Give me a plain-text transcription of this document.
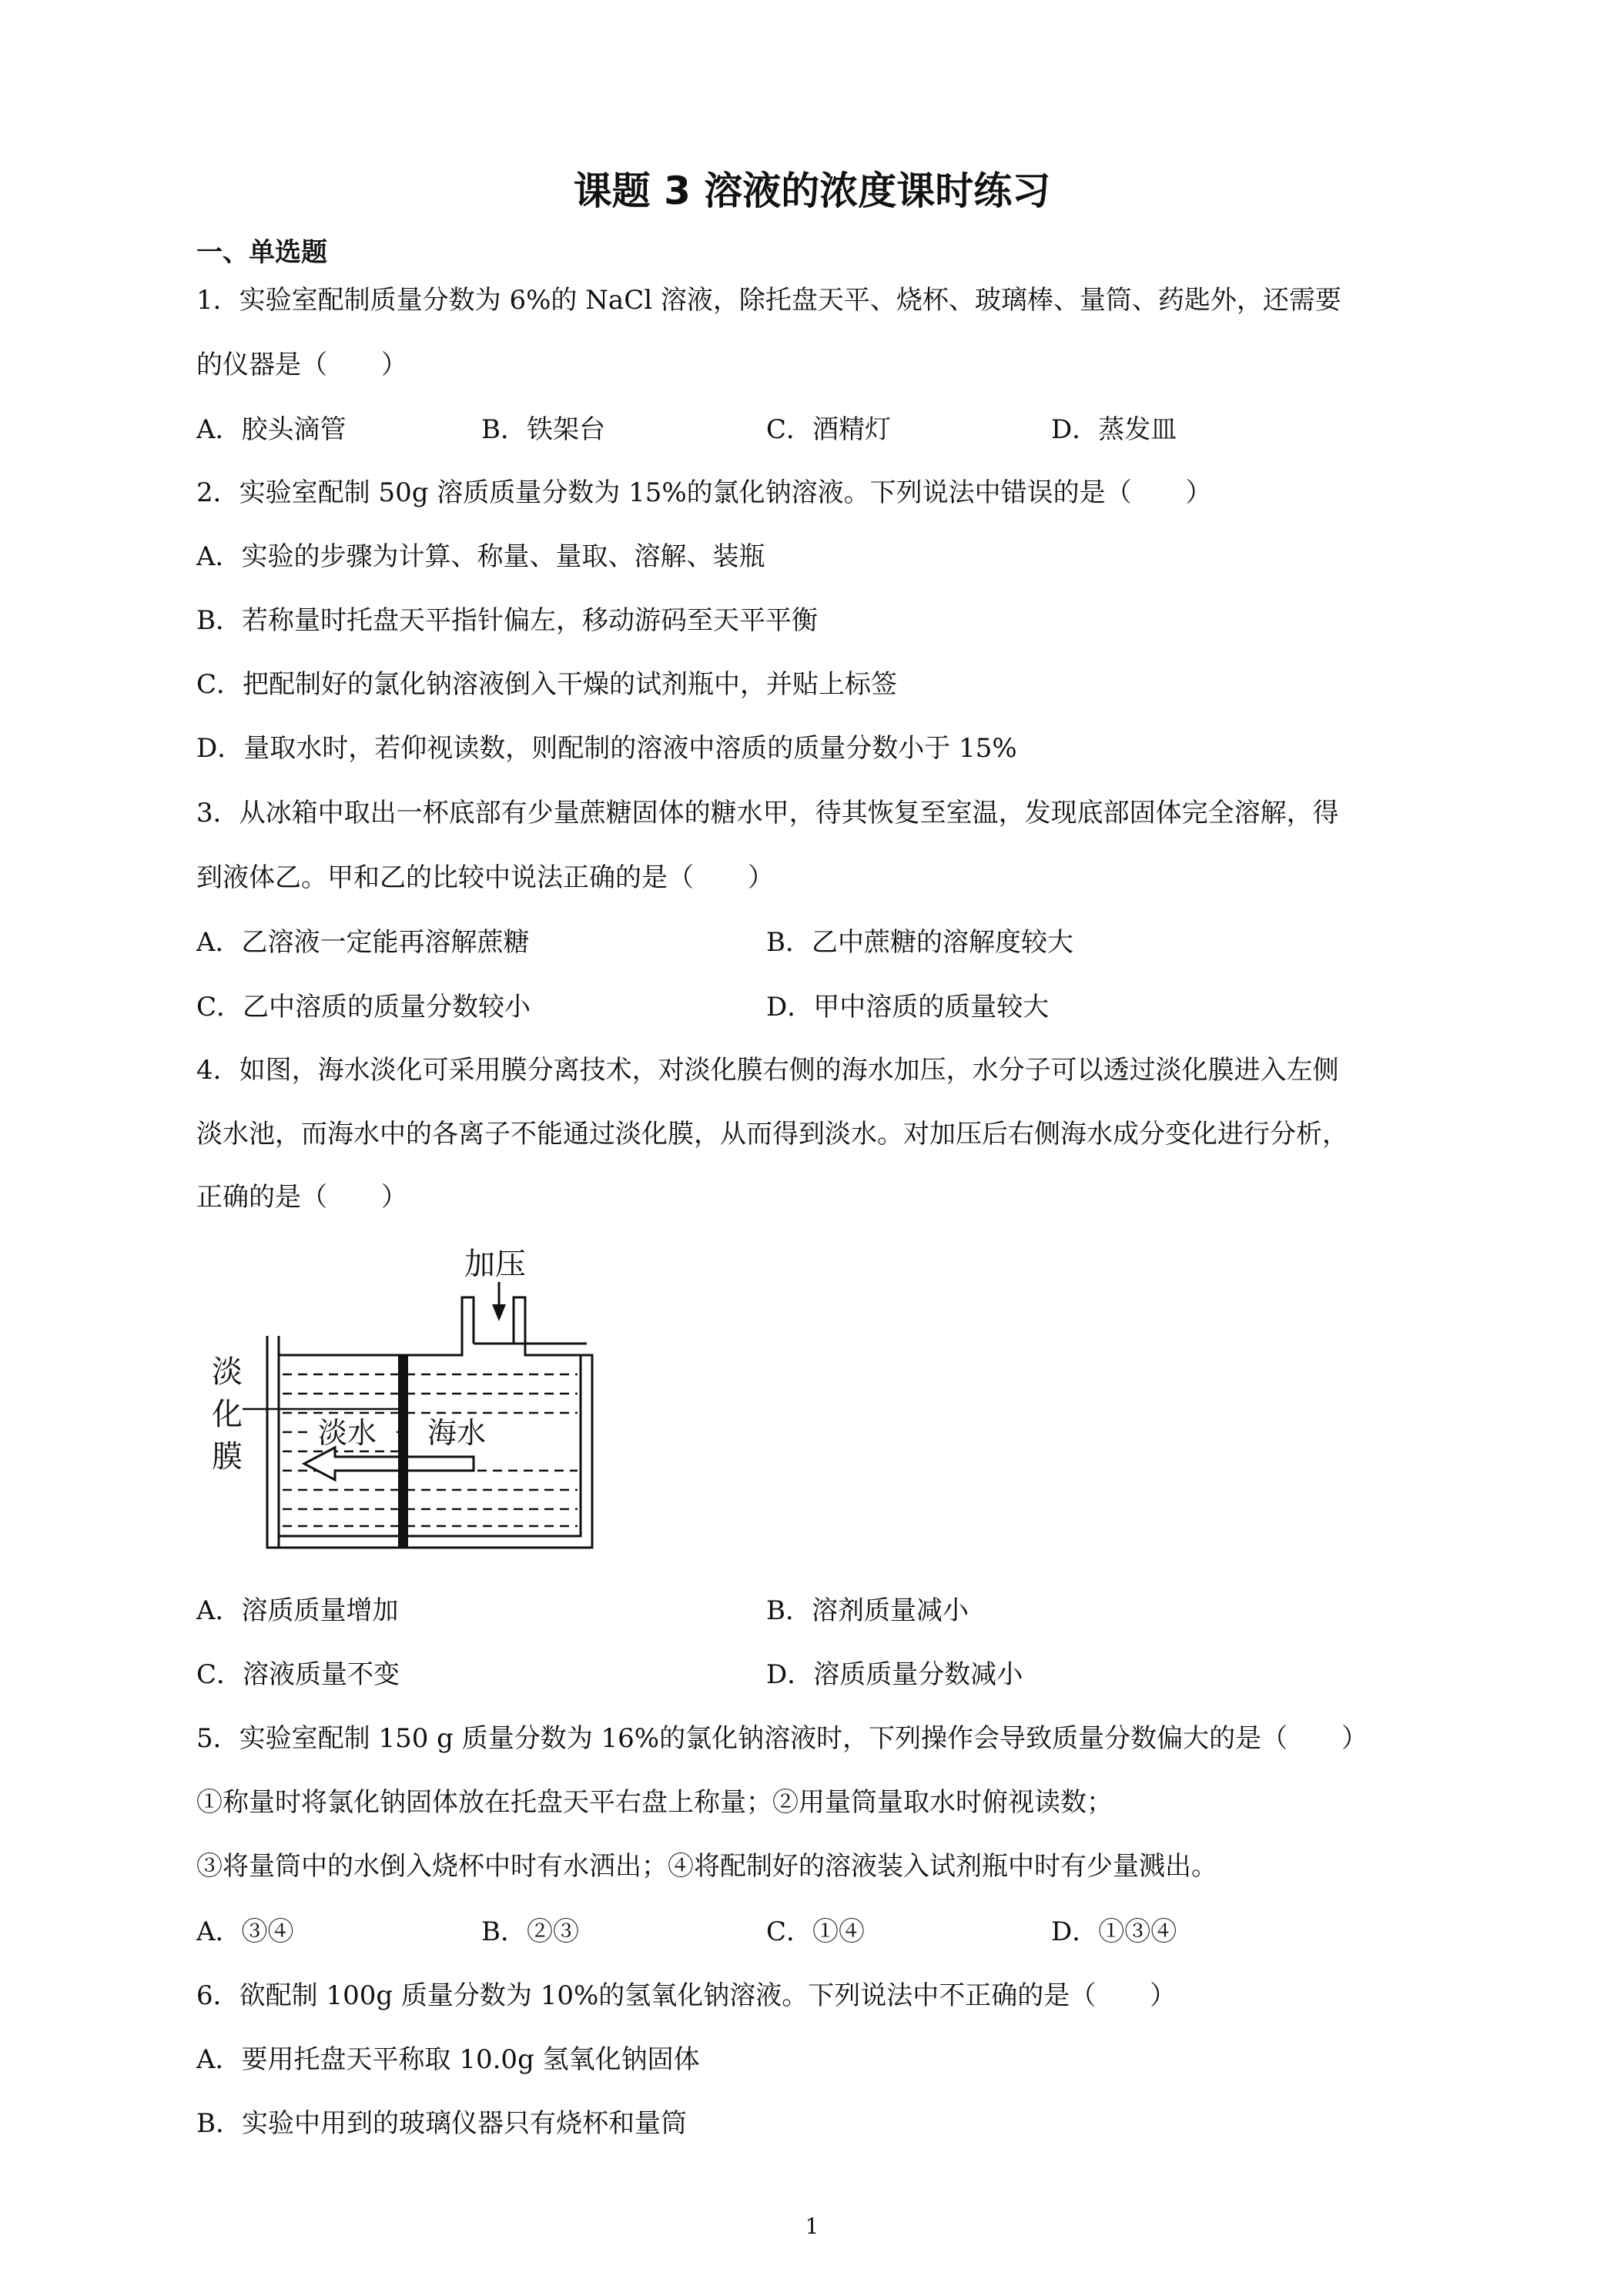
课题 3 溶液的浓度课时练习
一、单选题
1．实验室配制质量分数为 6%的 NaCl 溶液，除托盘天平、烧杯、玻璃棒、量筒、药匙外，还需要
的仪器是（ ）
A．胶头滴管	B．铁架台	C．酒精灯	D．蒸发皿
2．实验室配制 50g 溶质质量分数为 15%的氯化钠溶液。下列说法中错误的是（ ）
A．实验的步骤为计算、称量、量取、溶解、装瓶
B．若称量时托盘天平指针偏左，移动游码至天平平衡
C．把配制好的氯化钠溶液倒入干燥的试剂瓶中，并贴上标签
D．量取水时，若仰视读数，则配制的溶液中溶质的质量分数小于 15%
3．从冰箱中取出一杯底部有少量蔗糖固体的糖水甲，待其恢复至室温，发现底部固体完全溶解，得
到液体乙。甲和乙的比较中说法正确的是（ ）
A．乙溶液一定能再溶解蔗糖	B．乙中蔗糖的溶解度较大
C．乙中溶质的质量分数较小	D．甲中溶质的质量较大
4．如图，海水淡化可采用膜分离技术，对淡化膜右侧的海水加压，水分子可以透过淡化膜进入左侧
淡水池，而海水中的各离子不能通过淡化膜，从而得到淡水。对加压后右侧海水成分变化进行分析，
正确的是（ ）
加压
淡
化
膜
淡水 海水
A．溶质质量增加	B．溶剂质量减小
C．溶液质量不变	D．溶质质量分数减小
5．实验室配制 150 g 质量分数为 16%的氯化钠溶液时，下列操作会导致质量分数偏大的是（ ）
①称量时将氯化钠固体放在托盘天平右盘上称量；②用量筒量取水时俯视读数；
③将量筒中的水倒入烧杯中时有水洒出；④将配制好的溶液装入试剂瓶中时有少量溅出。
A．③④	B．②③	C．①④	D．①③④
6．欲配制 100g 质量分数为 10%的氢氧化钠溶液。下列说法中不正确的是（ ）
A．要用托盘天平称取 10.0g 氢氧化钠固体
B．实验中用到的玻璃仪器只有烧杯和量筒
1
